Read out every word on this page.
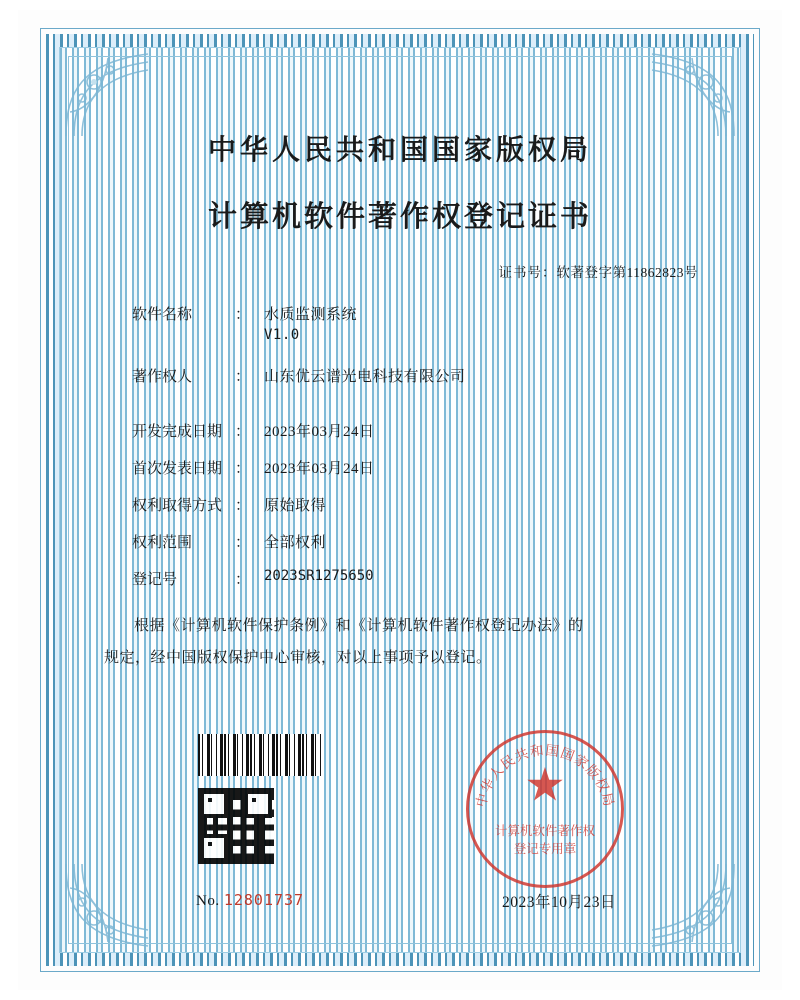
中华人民共和国国家版权局
计算机软件著作权登记证书
证书号：软著登字第11862823号
软件名称	： 水质监测系统
V1.0
著作权人	： 山东优云谱光电科技有限公司
开发完成日期 ： 2023年03月24日
首次发表日期 ： 2023年03月24日
权利取得方式 ： 原始取得
权利范围	： 全部权利
登记号	： 2023SR1275650
根据《计算机软件保护条例》和《计算机软件著作权登记办法》的
规定，经中国版权保护中心审核，对以上事项予以登记。
No. 12801737
中华人民共和国国家版权局
★
计算机软件著作权
登记专用章
2023年10月23日
